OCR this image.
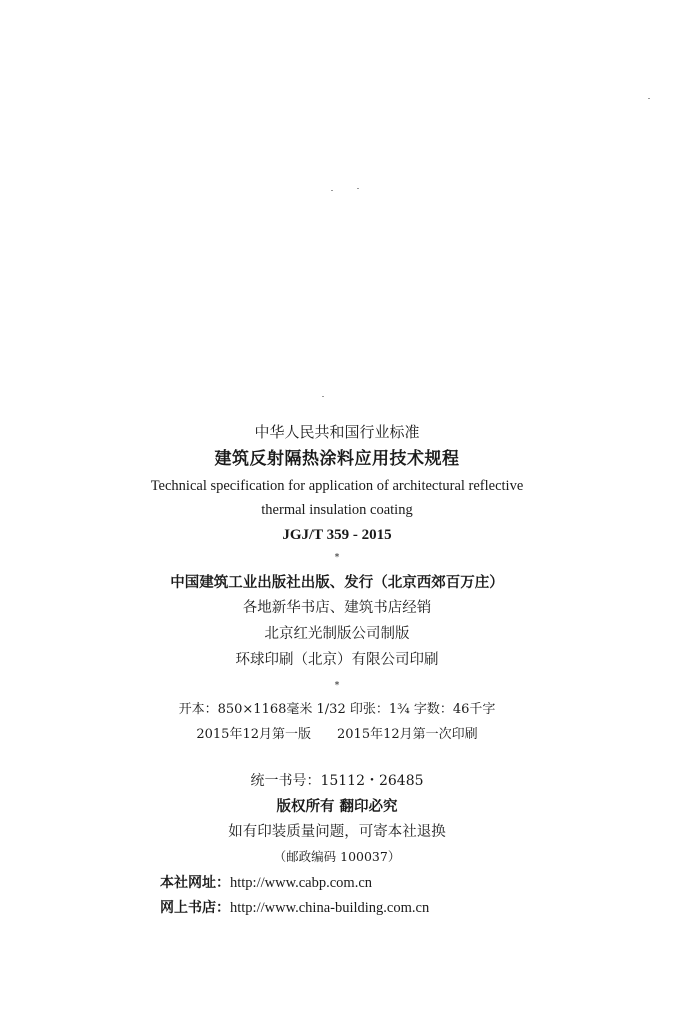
中华人民共和国行业标准
建筑反射隔热涂料应用技术规程
Technical specification for application of architectural reflective
thermal insulation coating
JGJ/T 359 - 2015
*
中国建筑工业出版社出版、发行（北京西郊百万庄）
各地新华书店、建筑书店经销
北京红光制版公司制版
环球印刷（北京）有限公司印刷
*
开本：850×1168毫米 1/32 印张：1¾ 字数：46千字
2015年12月第一版 2015年12月第一次印刷
统一书号：15112・26485
版权所有 翻印必究
如有印装质量问题，可寄本社退换
（邮政编码 100037）
本社网址：http://www.cabp.com.cn
网上书店：http://www.china-building.com.cn
